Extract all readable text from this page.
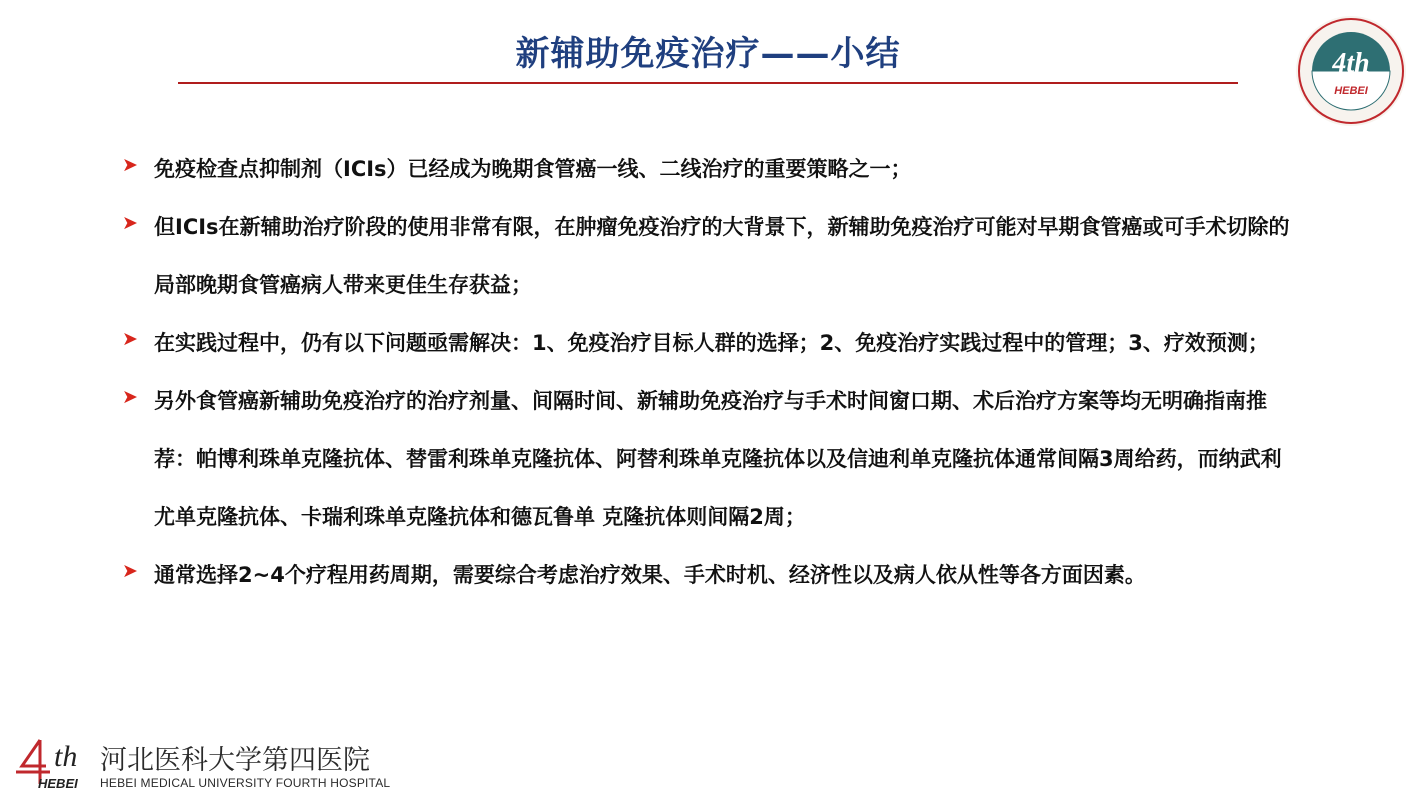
新辅助免疫治疗——小结	4th
HEBEI
➤ 免疫检查点抑制剂（ICIs）已经成为晚期食管癌一线、二线治疗的重要策略之一；
➤ 但ICIs在新辅助治疗阶段的使用非常有限，在肿瘤免疫治疗的大背景下，新辅助免疫治疗可能对早期食管癌或可手术切除的局部晚期食管癌病人带来更佳生存获益；
➤ 在实践过程中，仍有以下问题亟需解决：1、免疫治疗目标人群的选择；2、免疫治疗实践过程中的管理；3、疗效预测；
➤ 另外食管癌新辅助免疫治疗的治疗剂量、间隔时间、新辅助免疫治疗与手术时间窗口期、术后治疗方案等均无明确指南推荐：帕博利珠单克隆抗体、替雷利珠单克隆抗体、阿替利珠单克隆抗体以及信迪利单克隆抗体通常间隔3周给药，而纳武利尤单克隆抗体、卡瑞利珠单克隆抗体和德瓦鲁单 克隆抗体则间隔2周；
➤ 通常选择2~4个疗程用药周期，需要综合考虑治疗效果、手术时机、经济性以及病人依从性等各方面因素。
th
HEBEI
河北医科大学第四医院
HEBEI MEDICAL UNIVERSITY FOURTH HOSPITAL
